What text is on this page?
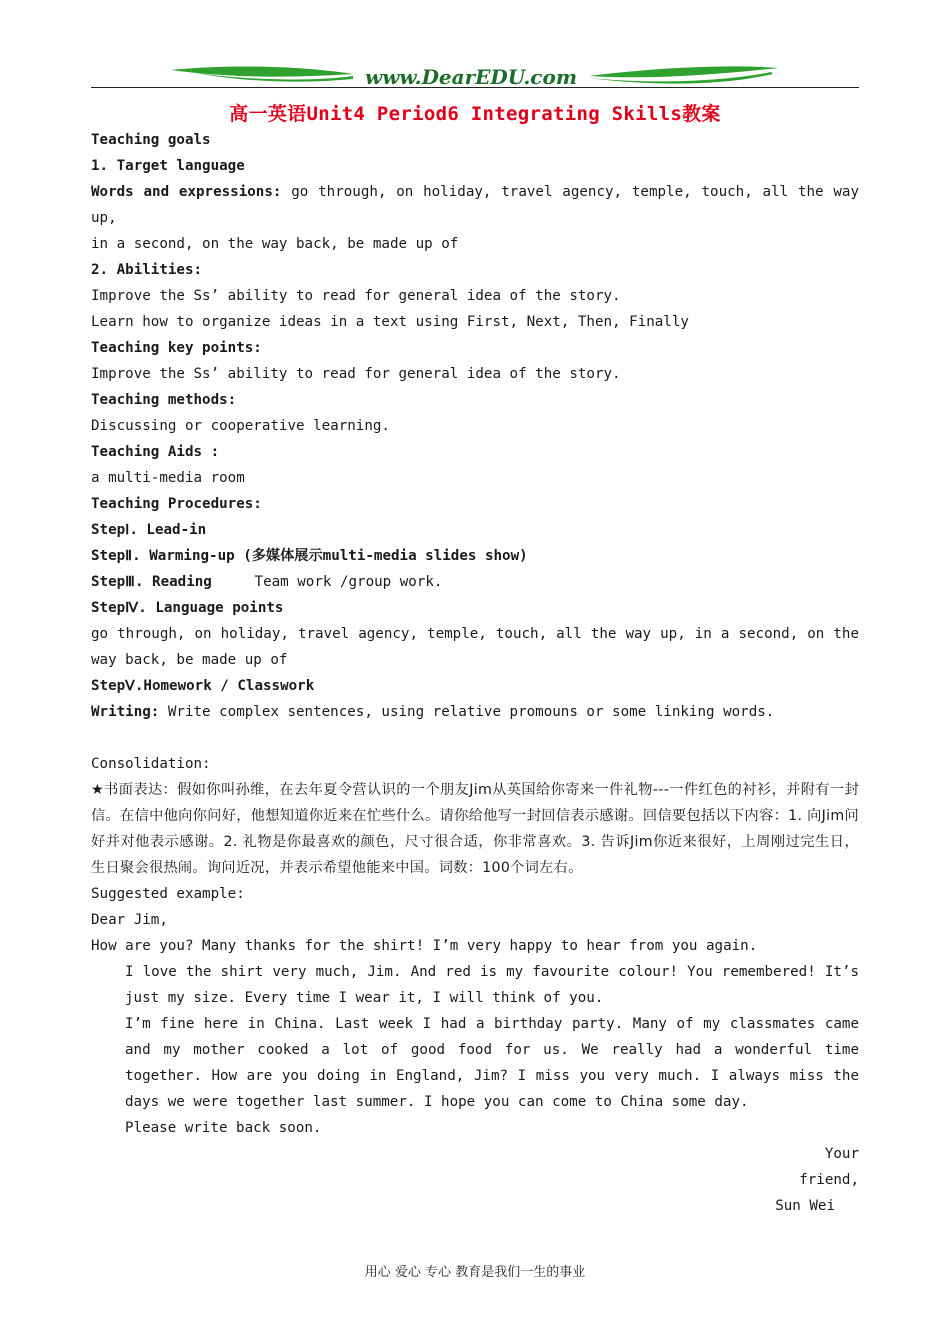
www.DearEDU.com
高一英语Unit4 Period6 Integrating Skills教案
Teaching goals
1. Target language
Words and expressions: go through, on holiday, travel agency, temple, touch, all the way
up,
in a second, on the way back, be made up of
2. Abilities:
Improve the Ss’ ability to read for general idea of the story.
Learn how to organize ideas in a text using First, Next, Then, Finally
Teaching key points:
Improve the Ss’ ability to read for general idea of the story.
Teaching methods:
Discussing or cooperative learning.
Teaching Aids :
a multi-media room
Teaching Procedures:
StepⅠ. Lead-in
StepⅡ. Warming-up (多媒体展示multi-media slides show)
StepⅢ. Reading     Team work /group work.
StepⅣ. Language points
go through, on holiday, travel agency, temple, touch, all the way up, in a second, on the
way back, be made up of
StepⅤ.Homework / Classwork
Writing: Write complex sentences, using relative promouns or some linking words.
Consolidation:
★书面表达：假如你叫孙维，在去年夏令营认识的一个朋友Jim从英国给你寄来一件礼物---一件红色的衬衫，并附有一封信。在信中他向你问好，他想知道你近来在忙些什么。请你给他写一封回信表示感谢。回信要包括以下内容：1. 向Jim问好并对他表示感谢。2. 礼物是你最喜欢的颜色，尺寸很合适，你非常喜欢。3. 告诉Jim你近来很好，上周刚过完生日，生日聚会很热闹。询问近况，并表示希望他能来中国。词数：100个词左右。
Suggested example:
Dear Jim,
How are you? Many thanks for the shirt! I’m very happy to hear from you again.
I love the shirt very much, Jim. And red is my favourite colour! You remembered! It’s just my size. Every time I wear it, I will think of you.
I’m fine here in China. Last week I had a birthday party. Many of my classmates came and my mother cooked a lot of good food for us. We really had a wonderful time together. How are you doing in England, Jim? I miss you very much. I always miss the days we were together last summer. I hope you can come to China some day.
Please write back soon.
Your
friend,
Sun Wei
用心 爱心 专心 教育是我们一生的事业
